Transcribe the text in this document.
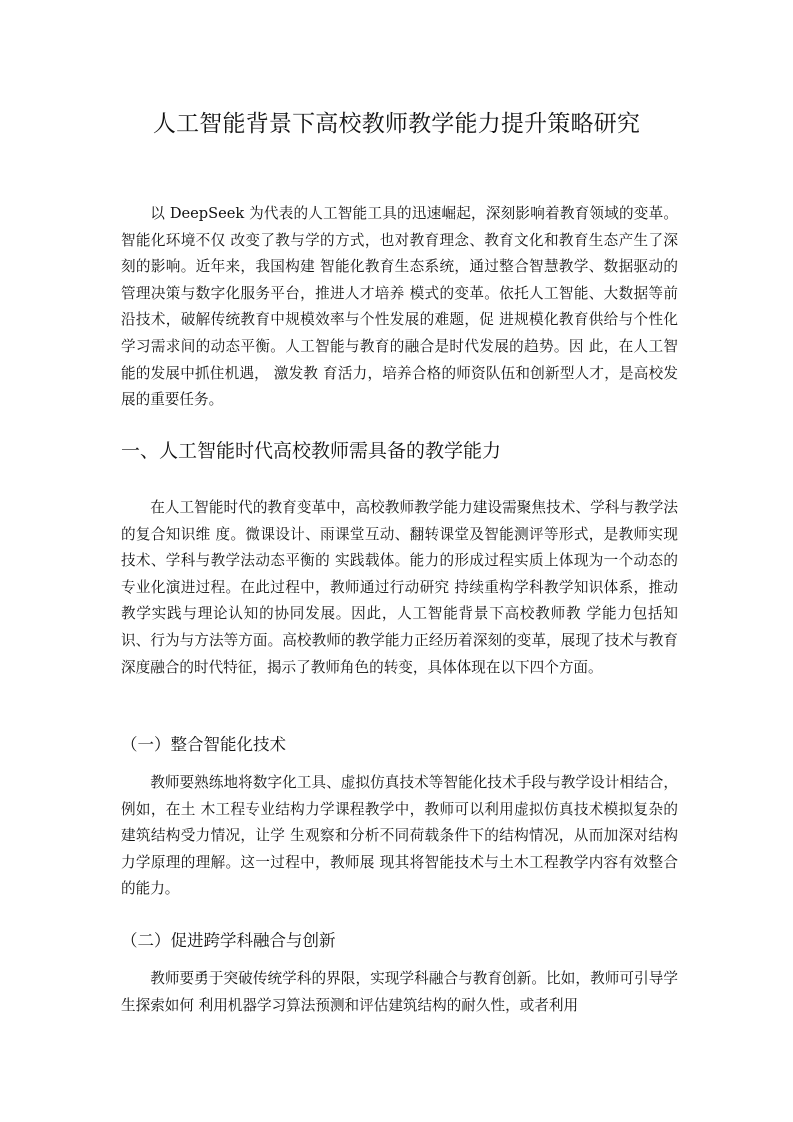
人工智能背景下高校教师教学能力提升策略研究

以 DeepSeek 为代表的人工智能工具的迅速崛起，深刻影响着教育领域的变革。智能化环境不仅 改变了教与学的方式，也对教育理念、教育文化和教育生态产生了深刻的影响。近年来，我国构建 智能化教育生态系统，通过整合智慧教学、数据驱动的管理决策与数字化服务平台，推进人才培养 模式的变革。依托人工智能、大数据等前沿技术，破解传统教育中规模效率与个性发展的难题，促 进规模化教育供给与个性化学习需求间的动态平衡。人工智能与教育的融合是时代发展的趋势。因 此，在人工智能的发展中抓住机遇， 激发教 育活力，培养合格的师资队伍和创新型人才，是高校发 展的重要任务。

一、人工智能时代高校教师需具备的教学能力

在人工智能时代的教育变革中，高校教师教学能力建设需聚焦技术、学科与教学法的复合知识维 度。微课设计、雨课堂互动、翻转课堂及智能测评等形式，是教师实现技术、学科与教学法动态平衡的 实践载体。能力的形成过程实质上体现为一个动态的专业化演进过程。在此过程中，教师通过行动研究 持续重构学科教学知识体系，推动教学实践与理论认知的协同发展。因此，人工智能背景下高校教师教 学能力包括知识、行为与方法等方面。高校教师的教学能力正经历着深刻的变革，展现了技术与教育 深度融合的时代特征，揭示了教师角色的转变，具体体现在以下四个方面。

（一）整合智能化技术

教师要熟练地将数字化工具、虚拟仿真技术等智能化技术手段与教学设计相结合，例如，在土 木工程专业结构力学课程教学中，教师可以利用虚拟仿真技术模拟复杂的建筑结构受力情况，让学 生观察和分析不同荷载条件下的结构情况，从而加深对结构力学原理的理解。这一过程中，教师展 现其将智能技术与土木工程教学内容有效整合的能力。

（二）促进跨学科融合与创新

教师要勇于突破传统学科的界限，实现学科融合与教育创新。比如，教师可引导学生探索如何 利用机器学习算法预测和评估建筑结构的耐久性，或者利用
